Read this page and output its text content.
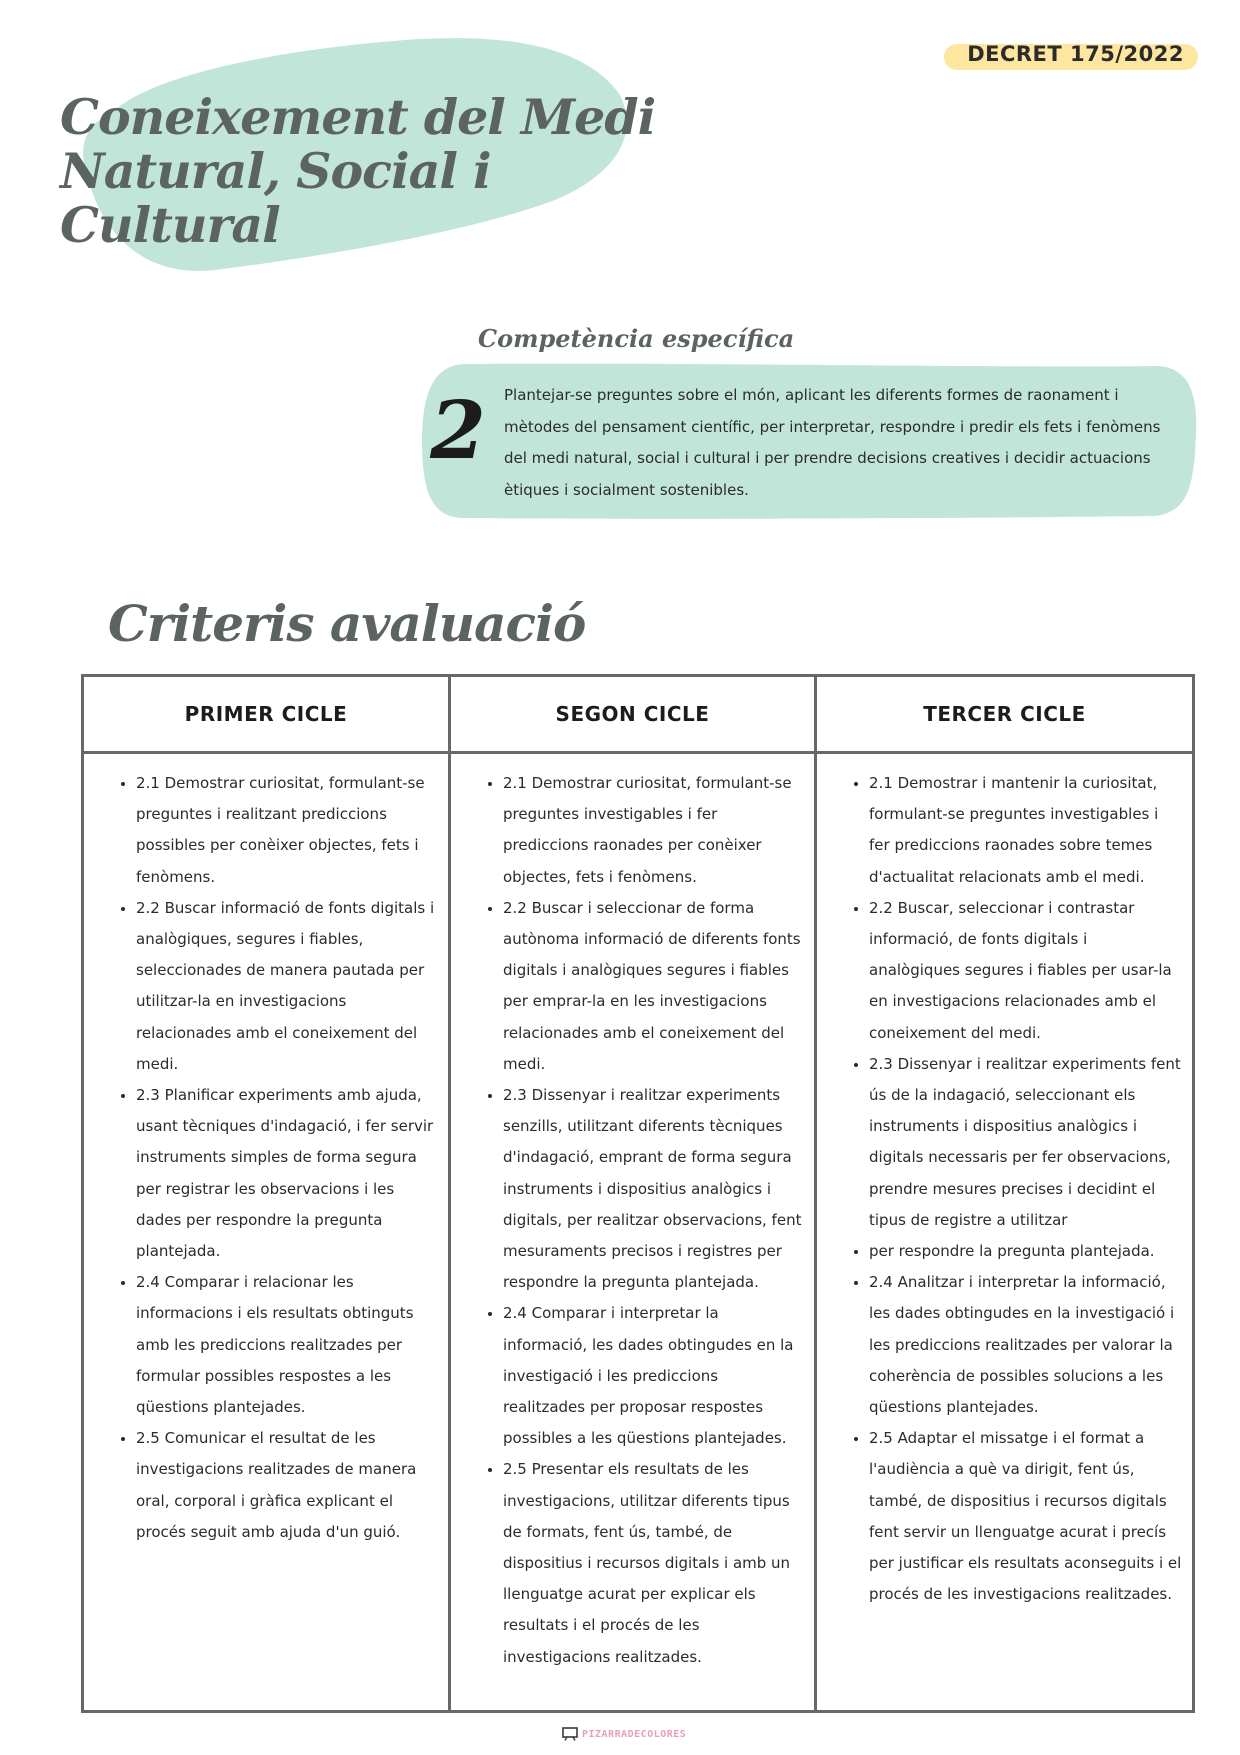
DECRET 175/2022
Coneixement del Medi
Natural, Social i Cultural
Competència específica
2 Plantejar-se preguntes sobre el món, aplicant les diferents formes de raonament i mètodes del pensament científic, per interpretar, respondre i predir els fets i fenòmens del medi natural, social i cultural i per prendre decisions creatives i decidir actuacions ètiques i socialment sostenibles.

Criteris avaluació
PRIMER CICLE
• 2.1 Demostrar curiositat, formulant-se preguntes i realitzant prediccions possibles per conèixer objectes, fets i fenòmens.
• 2.2 Buscar informació de fonts digitals i analògiques, segures i fiables, seleccionades de manera pautada per utilitzar-la en investigacions relacionades amb el coneixement del medi.
• 2.3 Planificar experiments amb ajuda, usant tècniques d'indagació, i fer servir instruments simples de forma segura per registrar les observacions i les dades per respondre la pregunta plantejada.
• 2.4 Comparar i relacionar les informacions i els resultats obtinguts amb les prediccions realitzades per formular possibles respostes a les qüestions plantejades.
• 2.5 Comunicar el resultat de les investigacions realitzades de manera oral, corporal i gràfica explicant el procés seguit amb ajuda d'un guió.
SEGON CICLE
• 2.1 Demostrar curiositat, formulant-se preguntes investigables i fer prediccions raonades per conèixer objectes, fets i fenòmens.
• 2.2 Buscar i seleccionar de forma autònoma informació de diferents fonts digitals i analògiques segures i fiables per emprar-la en les investigacions relacionades amb el coneixement del medi.
• 2.3 Dissenyar i realitzar experiments senzills, utilitzant diferents tècniques d'indagació, emprant de forma segura instruments i dispositius analògics i digitals, per realitzar observacions, fent mesuraments precisos i registres per respondre la pregunta plantejada.
• 2.4 Comparar i interpretar la informació, les dades obtingudes en la investigació i les prediccions realitzades per proposar respostes possibles a les qüestions plantejades.
• 2.5 Presentar els resultats de les investigacions, utilitzar diferents tipus de formats, fent ús, també, de dispositius i recursos digitals i amb un llenguatge acurat per explicar els resultats i el procés de les investigacions realitzades.
TERCER CICLE
• 2.1 Demostrar i mantenir la curiositat, formulant-se preguntes investigables i fer prediccions raonades sobre temes d'actualitat relacionats amb el medi.
• 2.2 Buscar, seleccionar i contrastar informació, de fonts digitals i analògiques segures i fiables per usar-la en investigacions relacionades amb el coneixement del medi.
• 2.3 Dissenyar i realitzar experiments fent ús de la indagació, seleccionant els instruments i dispositius analògics i digitals necessaris per fer observacions, prendre mesures precises i decidint el tipus de registre a utilitzar
• per respondre la pregunta plantejada.
• 2.4 Analitzar i interpretar la informació, les dades obtingudes en la investigació i les prediccions realitzades per valorar la coherència de possibles solucions a les qüestions plantejades.
• 2.5 Adaptar el missatge i el format a l'audiència a què va dirigit, fent ús, també, de dispositius i recursos digitals fent servir un llenguatge acurat i precís per justificar els resultats aconseguits i el procés de les investigacions realitzades.
PIZARRADECOLORES
